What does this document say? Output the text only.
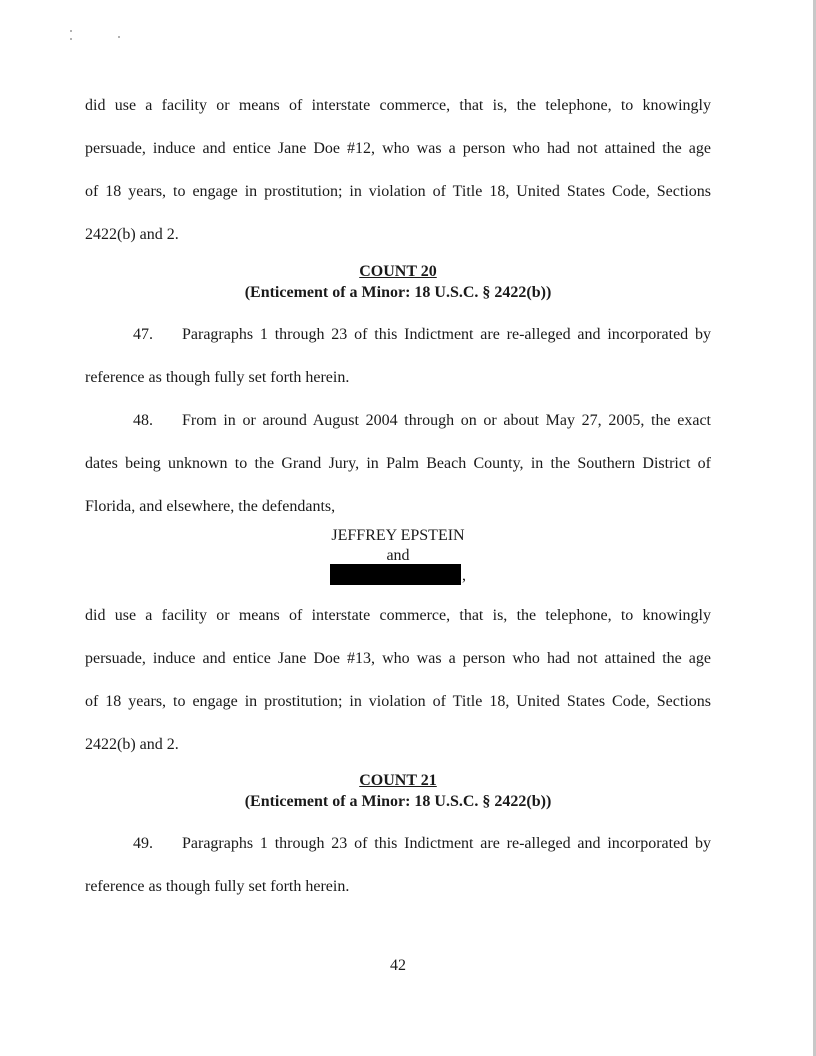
did use a facility or means of interstate commerce, that is, the telephone, to knowingly
persuade, induce and entice Jane Doe #12, who was a person who had not attained the age
of 18 years, to engage in prostitution; in violation of Title 18, United States Code, Sections
2422(b) and 2.
COUNT 20
(Enticement of a Minor: 18 U.S.C. § 2422(b))
47. Paragraphs 1 through 23 of this Indictment are re-alleged and incorporated by
reference as though fully set forth herein.
48. From in or around August 2004 through on or about May 27, 2005, the exact
dates being unknown to the Grand Jury, in Palm Beach County, in the Southern District of
Florida, and elsewhere, the defendants,
JEFFREY EPSTEIN
and
,
did use a facility or means of interstate commerce, that is, the telephone, to knowingly
persuade, induce and entice Jane Doe #13, who was a person who had not attained the age
of 18 years, to engage in prostitution; in violation of Title 18, United States Code, Sections
2422(b) and 2.
COUNT 21
(Enticement of a Minor: 18 U.S.C. § 2422(b))
49. Paragraphs 1 through 23 of this Indictment are re-alleged and incorporated by
reference as though fully set forth herein.
42
